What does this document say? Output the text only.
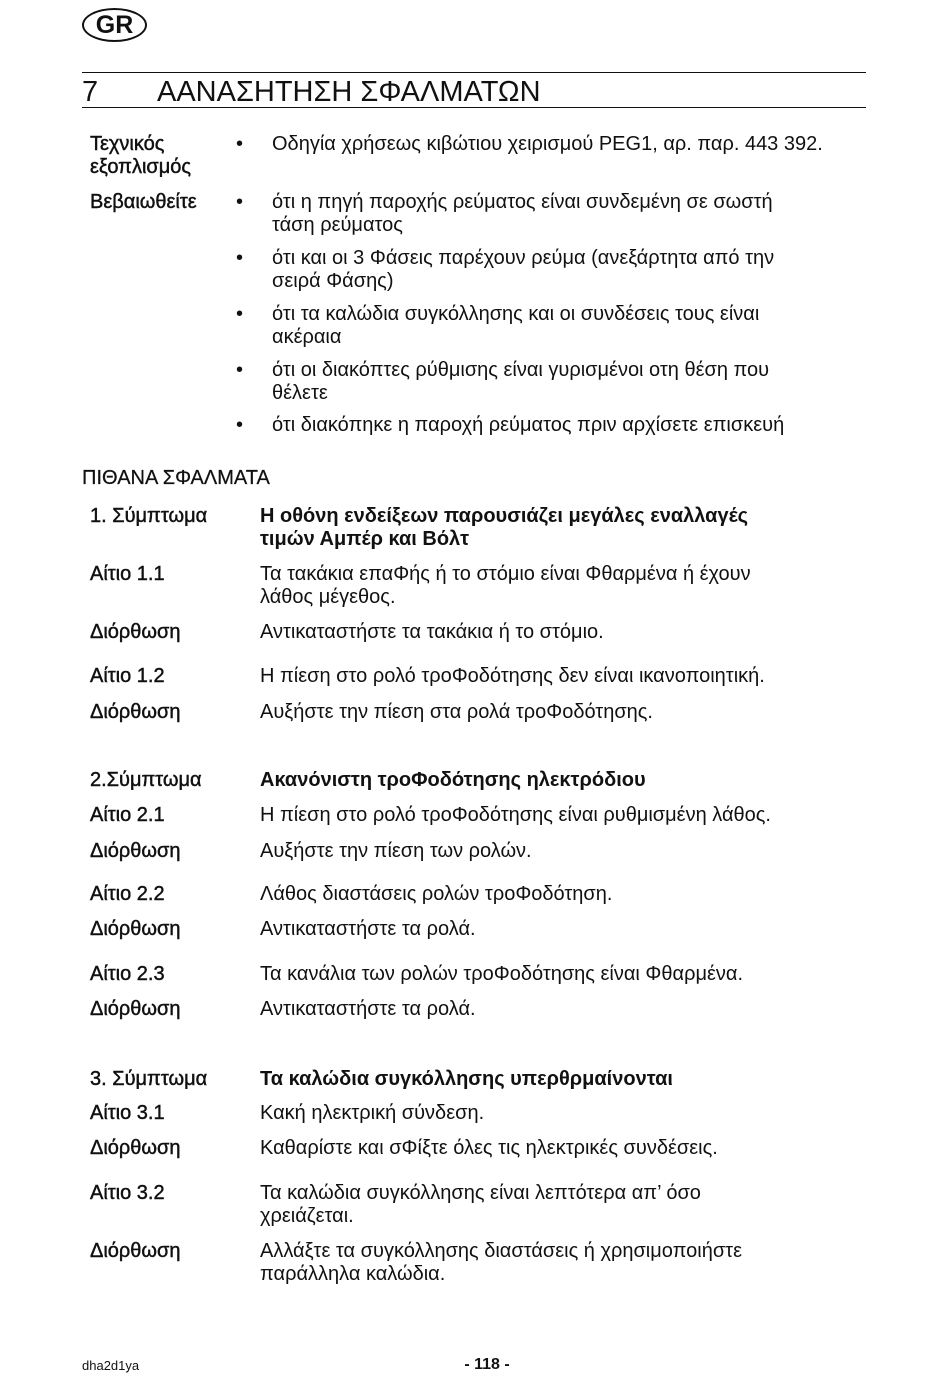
GR
7 ΑΑΝΑΣΗΤΗΣΗ ΣΦΑΛΜΑΤΩΝ
Τεχνικός
εξοπλισμός
•
Οδηγία χρήσεως κιβώτιου χειρισμού PEG1, αρ. παρ. 443 392.
Βεβαιωθείτε
•	ότι η πηγή παροχής ρεύματος είναι συνδεμένη σε σωστή
τάση ρεύματος
•
ότι και οι 3 Φάσεις παρέχουν ρεύμα (ανεξάρτητα από την
σειρά Φάσης)
•
ότι τα καλώδια συγκόλλησης και οι συνδέσεις τους είναι
ακέραια
•
ότι οι διακόπτες ρύθμισης είναι γυρισμένοι οτη θέση που
θέλετε
•
ότι διακόπηκε η παροχή ρεύματος πριν αρχίσετε επισκευή
ΠΙΘΑΝΑ ΣΦΑΛΜΑΤΑ
1. Σύμπτωμα	Η οθόνη ενδείξεων παρουσιάζει μεγάλες εναλλαγές
τιμών Αμπέρ και Βόλτ
Αίτιο 1.1	Τα τακάκια επαΦής ή το στόμιο είναι Φθαρμένα ή έχουν
λάθος μέγεθος.
Διόρθωση	Αντικαταστήστε τα τακάκια ή το στόμιο.
Αίτιο 1.2	Η πίεση στο ρολό τροΦοδότησης δεν είναι ικανοποιητική.
Διόρθωση	Αυξήστε την πίεση στα ρολά τροΦοδότησης.
2.Σύμπτωμα	Ακανόνιστη τροΦοδότησης ηλεκτρόδιου
Αίτιο 2.1	Η πίεση στο ρολό τροΦοδότησης είναι ρυθμισμένη λάθος.
Διόρθωση	Αυξήστε την πίεση των ρολών.
Αίτιο 2.2	Λάθος διαστάσεις ρολών τροΦοδότηση.
Διόρθωση	Αντικαταστήστε τα ρολά.
Αίτιο 2.3	Τα κανάλια των ρολών τροΦοδότησης είναι Φθαρμένα.
Διόρθωση	Αντικαταστήστε τα ρολά.
3. Σύμπτωμα	Τα καλώδια συγκόλλησης υπερθρμαίνονται
Αίτιο 3.1	Κακή ηλεκτρική σύνδεση.
Διόρθωση	Καθαρίστε και σΦίξτε όλες τις ηλεκτρικές συνδέσεις.
Αίτιο 3.2	Τα καλώδια συγκόλλησης είναι λεπτότερα απ’ όσο
χρειάζεται.
Διόρθωση	Αλλάξτε τα συγκόλλησης διαστάσεις ή χρησιμοποιήστε
παράλληλα καλώδια.
dha2d1ya	- 118 -
